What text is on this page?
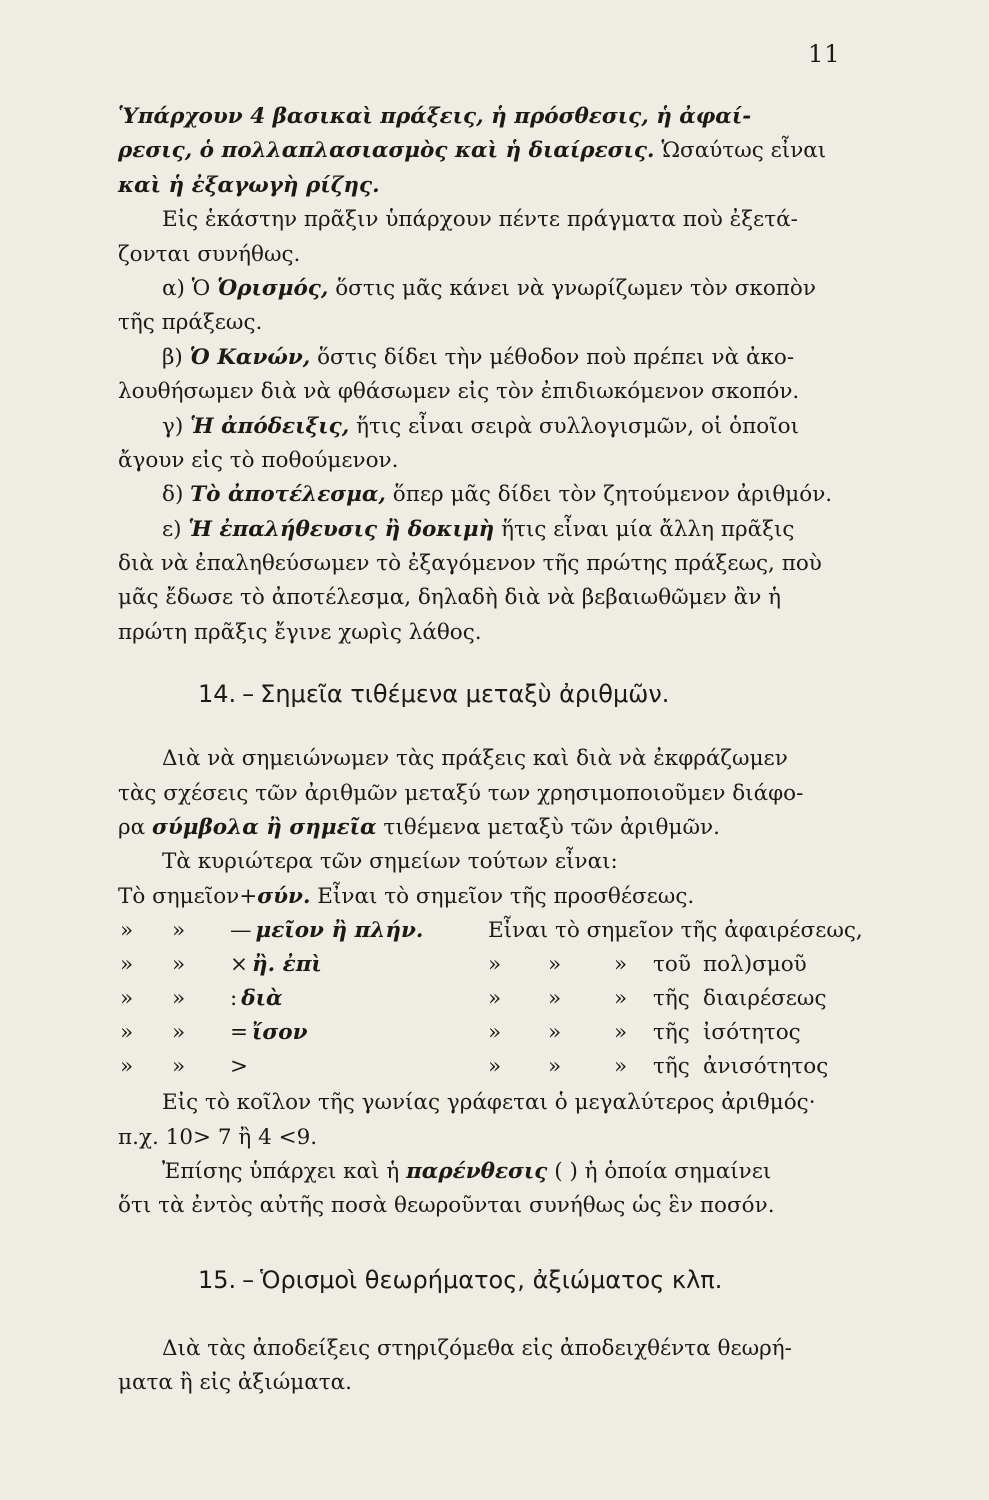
11
Ὑπάρχουν 4 βασικαὶ πράξεις, ἡ πρόσθεσις, ἡ ἀφαί-
ρεσις, ὁ πολλαπλασιασμὸς καὶ ἡ διαίρεσις. Ὡσαύτως εἶναι
καὶ ἡ ἐξαγωγὴ ρίζης.
Εἰς ἑκάστην πρᾶξιν ὑπάρχουν πέντε πράγματα ποὺ ἐξετά-
ζονται συνήθως.
α) Ὁ Ὁρισμός, ὅστις μᾶς κάνει νὰ γνωρίζωμεν τὸν σκοπὸν
τῆς πράξεως.
β) Ὁ Κανών, ὅστις δίδει τὴν μέθοδον ποὺ πρέπει νὰ ἀκο-
λουθήσωμεν διὰ νὰ φθάσωμεν εἰς τὸν ἐπιδιωκόμενον σκοπόν.
γ) Ἡ ἀπόδειξις, ἥτις εἶναι σειρὰ συλλογισμῶν, οἱ ὁποῖοι
ἄγουν εἰς τὸ ποθούμενον.
δ) Τὸ ἀποτέλεσμα, ὅπερ μᾶς δίδει τὸν ζητούμενον ἀριθμόν.
ε) Ἡ ἐπαλήθευσις ἢ δοκιμὴ ἥτις εἶναι μία ἄλλη πρᾶξις
διὰ νὰ ἐπαληθεύσωμεν τὸ ἐξαγόμενον τῆς πρώτης πράξεως, ποὺ
μᾶς ἔδωσε τὸ ἀποτέλεσμα, δηλαδὴ διὰ νὰ βεβαιωθῶμεν ἂν ἡ
πρώτη πρᾶξις ἔγινε χωρὶς λάθος.
14. – Σημεῖα τιθέμενα μεταξὺ ἀριθμῶν.
Διὰ νὰ σημειώνωμεν τὰς πράξεις καὶ διὰ νὰ ἐκφράζωμεν
τὰς σχέσεις τῶν ἀριθμῶν μεταξύ των χρησιμοποιοῦμεν διάφο-
ρα σύμβολα ἢ σημεῖα τιθέμενα μεταξὺ τῶν ἀριθμῶν.
Τὰ κυριώτερα τῶν σημείων τούτων εἶναι:
Τὸ σημεῖον+σύν. Εἶναι τὸ σημεῖον τῆς προσθέσεως.
» » — μεῖον ἢ πλήν.	Εἶναι τὸ σημεῖον τῆς ἀφαιρέσεως,
» » × ἢ. ἐπὶ	» » » τοῦ πολ)σμοῦ
» » : διὰ	» » » τῆς διαιρέσεως
» » = ἴσον	» » » τῆς ἰσότητος
» » >	» » » τῆς ἀνισότητος
Εἰς τὸ κοῖλον τῆς γωνίας γράφεται ὁ μεγαλύτερος ἀριθμός·
π.χ. 10> 7 ἢ 4 <9.
Ἐπίσης ὑπάρχει καὶ ἡ παρένθεσις ( ) ἡ ὁποία σημαίνει
ὅτι τὰ ἐντὸς αὐτῆς ποσὰ θεωροῦνται συνήθως ὡς ἓν ποσόν.
15. – Ὁρισμοὶ θεωρήματος, ἀξιώματος κλπ.
Διὰ τὰς ἀποδείξεις στηριζόμεθα εἰς ἀποδειχθέντα θεωρή-
ματα ἢ εἰς ἀξιώματα.
